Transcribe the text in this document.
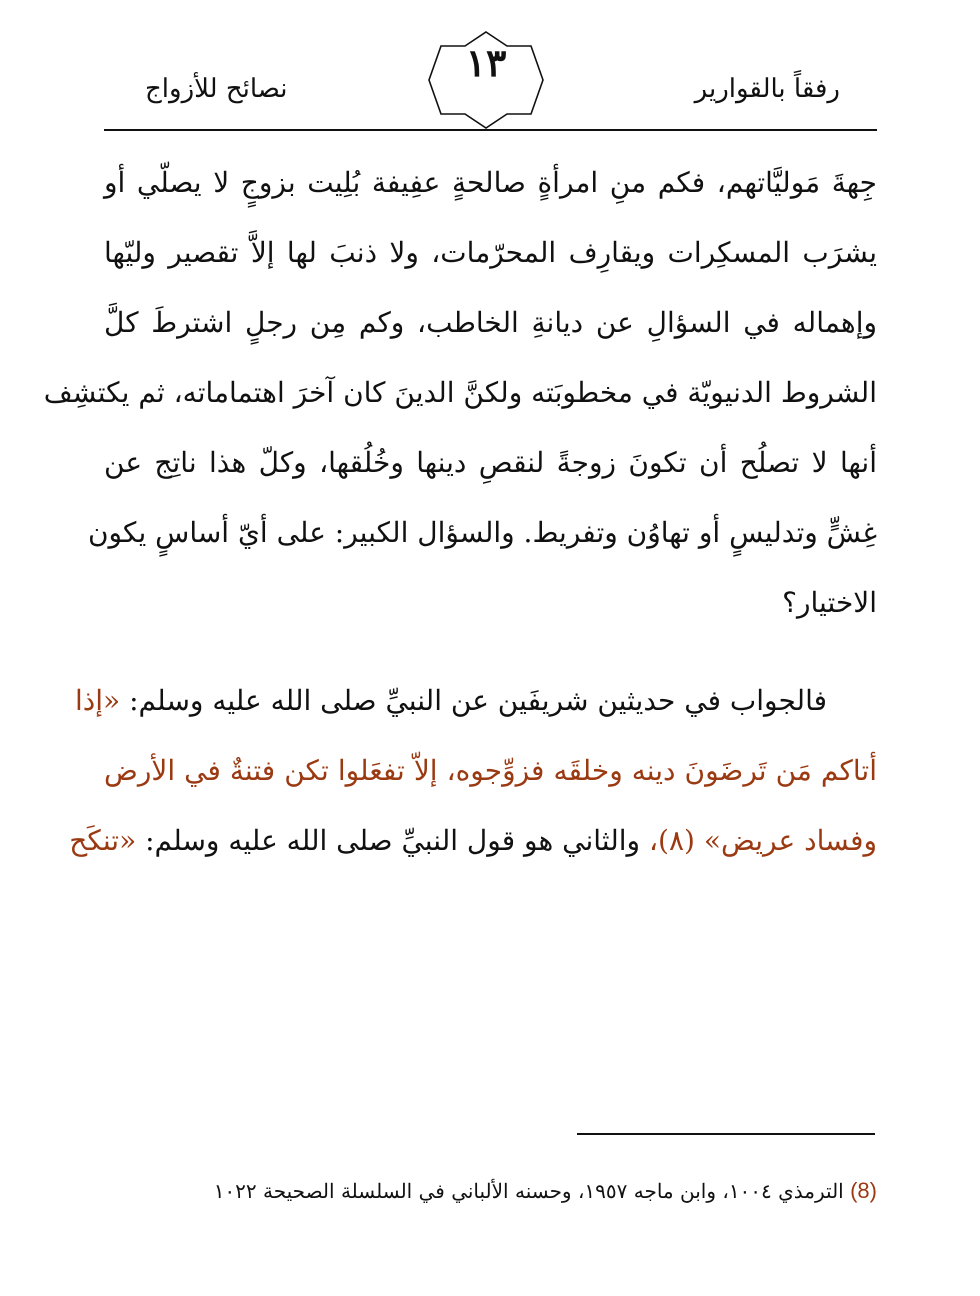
رفقاً بالقوارير
١٣
نصائح للأزواج
جِهةَ مَوليَّاتهم، فكم منِ امرأةٍ صالحةٍ عفِيفة بُلِيت بزوجٍ لا يصلّي أو
يشرَب المسكِرات ويقارِف المحرّمات، ولا ذنبَ لها إلاَّ تقصير وليّها
وإهماله في السؤالِ عن ديانةِ الخاطب، وكم مِن رجلٍ اشترطَ كلَّ
الشروط الدنيويّة في مخطوبَته ولكنَّ الدينَ كان آخرَ اهتماماته، ثم يكتشِف
أنها لا تصلُح أن تكونَ زوجةً لنقصِ دينها وخُلُقها، وكلّ هذا ناتِج عن
غِشٍّ وتدليسٍ أو تهاوُن وتفريط. والسؤال الكبير: على أيّ أساسٍ يكون
الاختيار؟
فالجواب في حديثين شريفَين عن النبيِّ صلى الله عليه وسلم: «إذا
أتاكم مَن تَرضَونَ دينه وخلقَه فزوِّجوه، إلاّ تفعَلوا تكن فتنةٌ في الأرض
وفساد عريض» (٨)، والثاني هو قول النبيِّ صلى الله عليه وسلم: «تنكَح
(8) الترمذي ١٠٠٤، وابن ماجه ١٩٥٧، وحسنه الألباني في السلسلة الصحيحة ١٠٢٢
